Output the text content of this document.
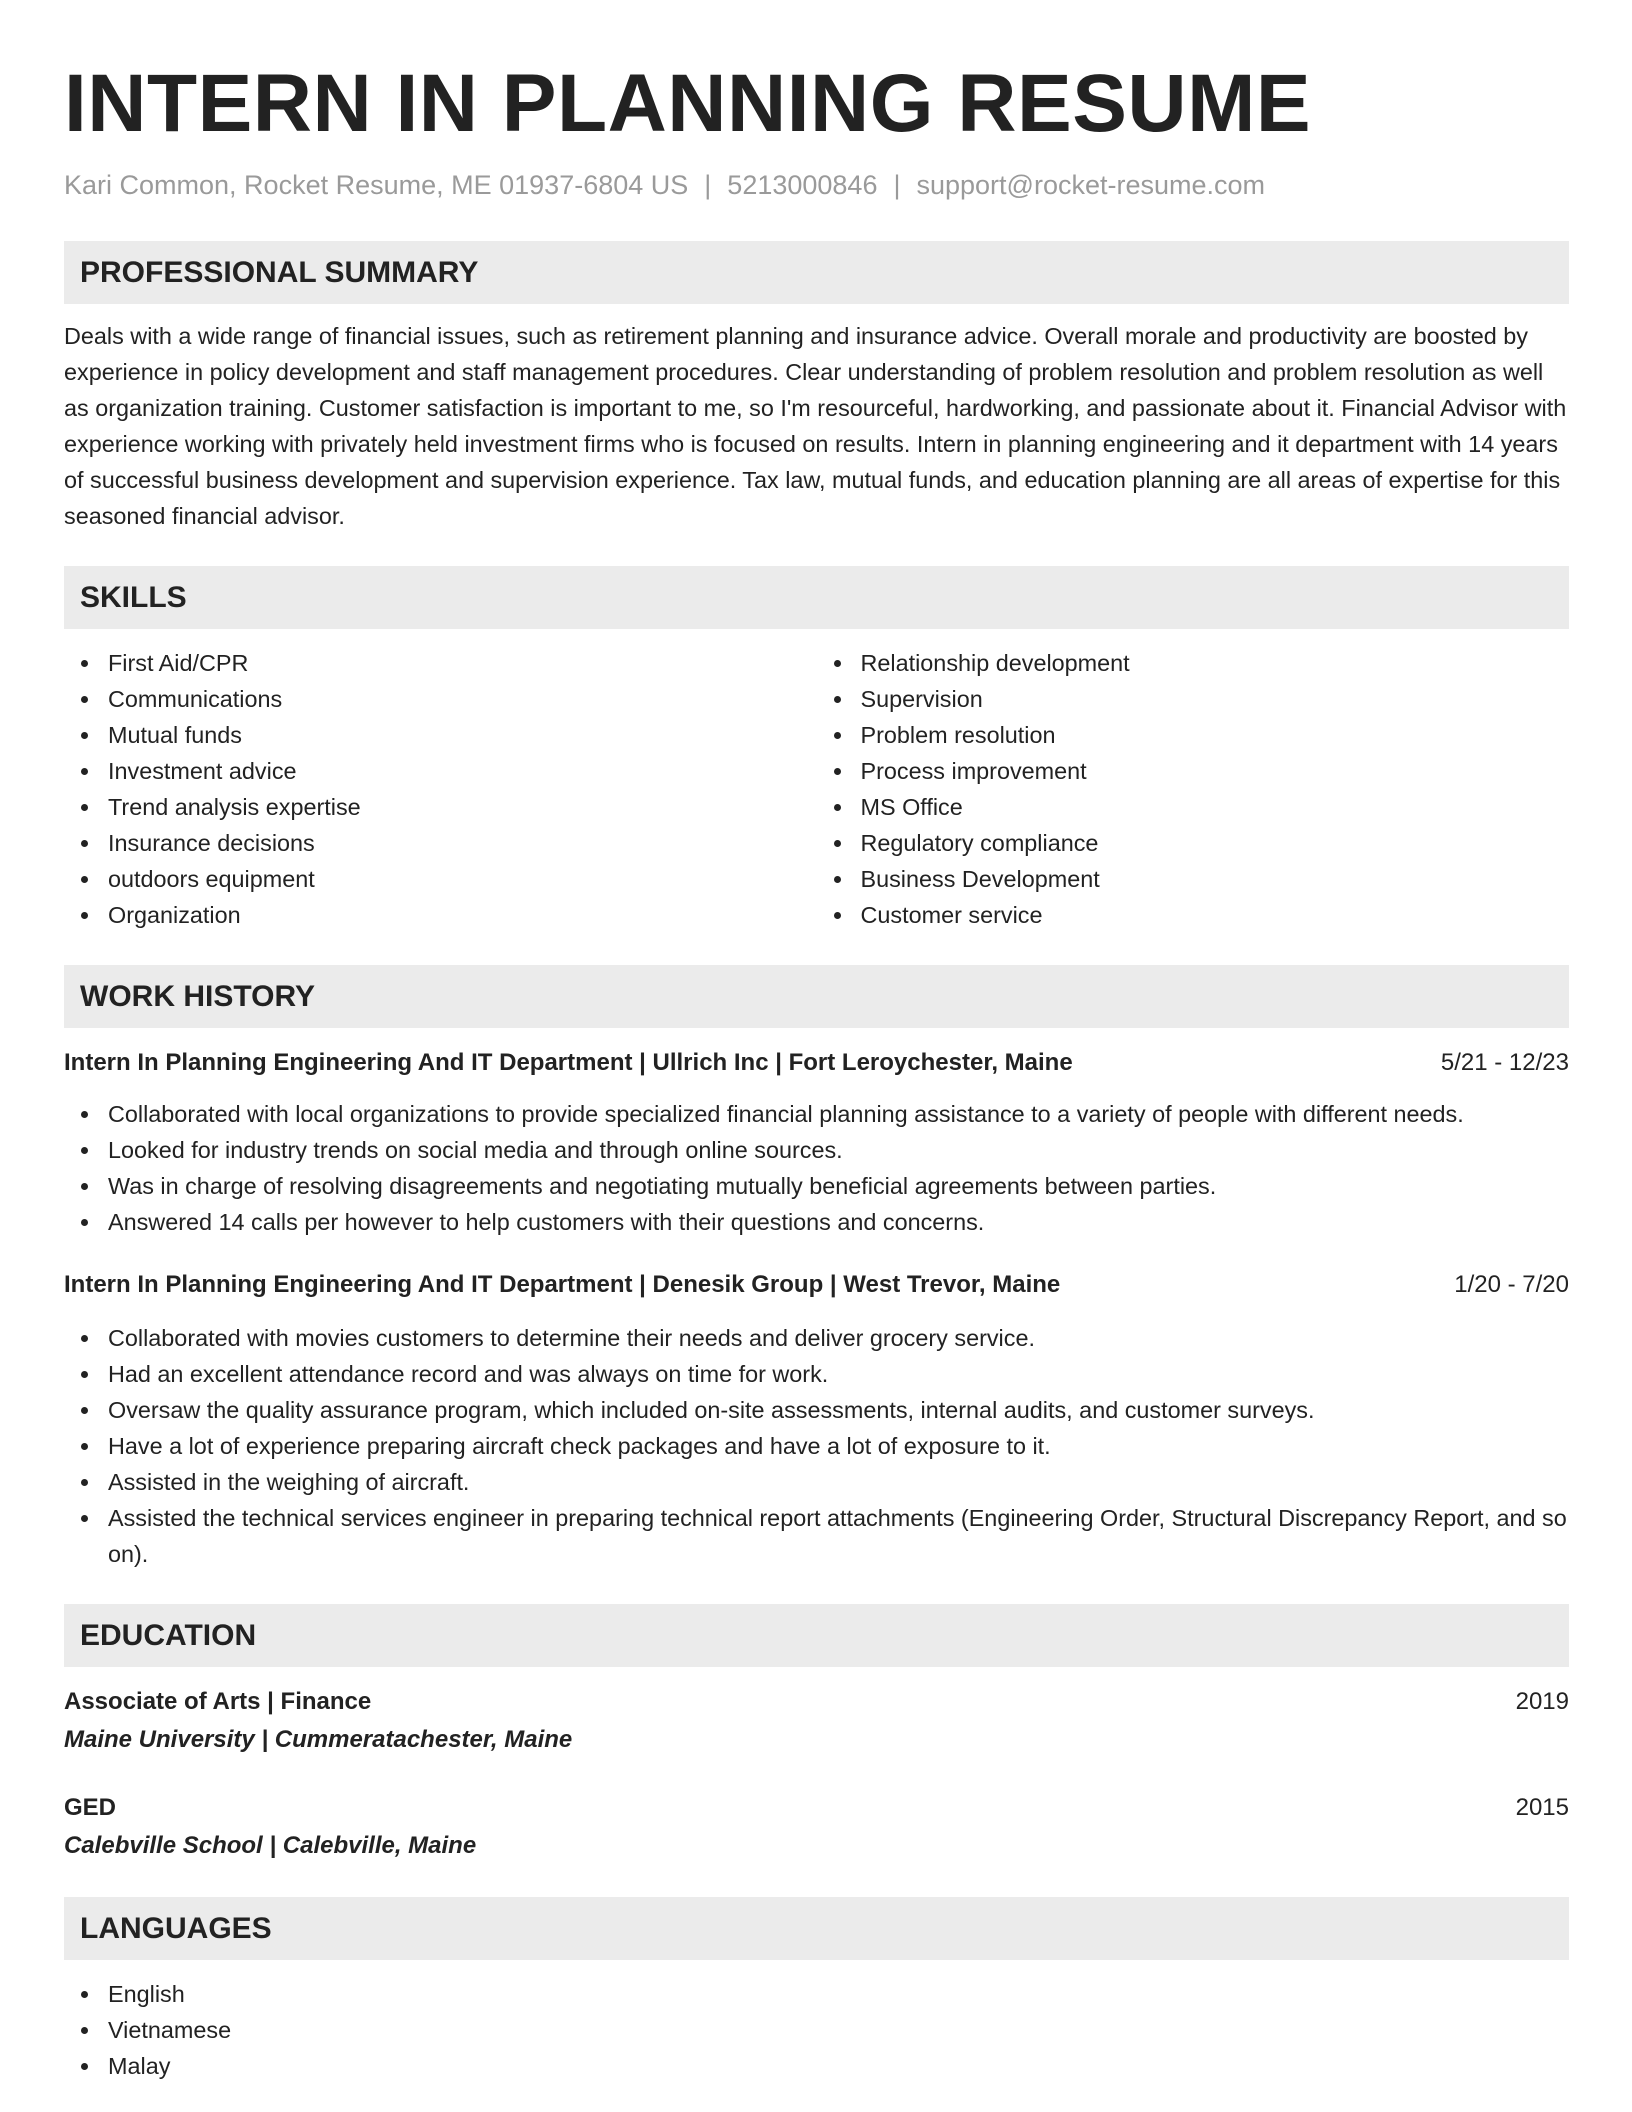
INTERN IN PLANNING RESUME
Kari Common, Rocket Resume, ME 01937-6804 US | 5213000846 | support@rocket-resume.com
PROFESSIONAL SUMMARY

Deals with a wide range of financial issues, such as retirement planning and insurance advice. Overall morale and productivity are boosted by experience in policy development and staff management procedures. Clear understanding of problem resolution and problem resolution as well as organization training. Customer satisfaction is important to me, so I'm resourceful, hardworking, and passionate about it. Financial Advisor with experience working with privately held investment firms who is focused on results. Intern in planning engineering and it department with 14 years of successful business development and supervision experience. Tax law, mutual funds, and education planning are all areas of expertise for this seasoned financial advisor.

SKILLS
First Aid/CPR
Communications
Mutual funds
Investment advice
Trend analysis expertise
Insurance decisions
outdoors equipment
Organization
Relationship development
Supervision
Problem resolution
Process improvement
MS Office
Regulatory compliance
Business Development
Customer service
WORK HISTORY
Intern In Planning Engineering And IT Department | Ullrich Inc | Fort Leroychester, Maine	5/21 - 12/23
Collaborated with local organizations to provide specialized financial planning assistance to a variety of people with different needs.
Looked for industry trends on social media and through online sources.
Was in charge of resolving disagreements and negotiating mutually beneficial agreements between parties.
Answered 14 calls per however to help customers with their questions and concerns.
Intern In Planning Engineering And IT Department | Denesik Group | West Trevor, Maine	1/20 - 7/20
Collaborated with movies customers to determine their needs and deliver grocery service.
Had an excellent attendance record and was always on time for work.
Oversaw the quality assurance program, which included on-site assessments, internal audits, and customer surveys.
Have a lot of experience preparing aircraft check packages and have a lot of exposure to it.
Assisted in the weighing of aircraft.
Assisted the technical services engineer in preparing technical report attachments (Engineering Order, Structural Discrepancy Report, and so on).
EDUCATION
Associate of Arts | Finance	2019
Maine University | Cummeratachester, Maine
GED	2015
Calebville School | Calebville, Maine
LANGUAGES
English
Vietnamese
Malay
